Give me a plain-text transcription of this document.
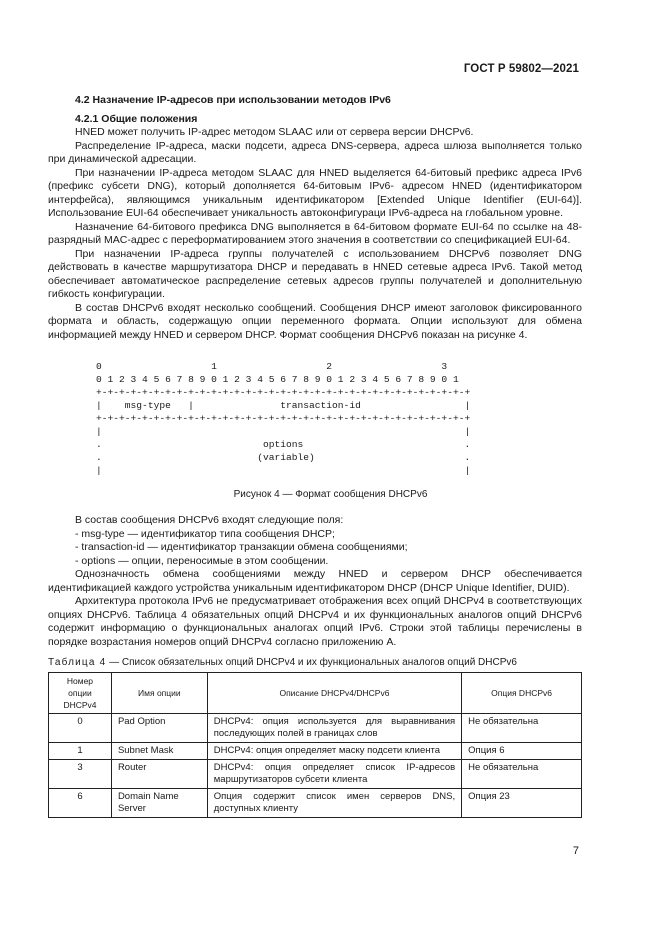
ГОСТ Р 59802—2021
4.2 Назначение IP-адресов при использовании методов IPv6
4.2.1 Общие положения

HNED может получить IP-адрес методом SLAAC или от сервера версии DHCPv6.

Распределение IP-адреса, маски подсети, адреса DNS-сервера, адреса шлюза выполняется только при динамической адресации.

При назначении IP-адреса методом SLAAC для HNED выделяется 64-битовый префикс адреса IPv6 (префикс субсети DNG), который дополняется 64-битовым IPv6- адресом HNED (идентификатором интерфейса), являющимся уникальным идентификатором [Extended Unique Identifier (EUI-64)]. Использование EUI-64 обеспечивает уникальность автоконфигураци IPv6-адреса на глобальном уровне.

Назначение 64-битового префикса DNG выполняется в 64-битовом формате EUI-64 по ссылке на 48-разрядный MAC-адрес с переформатированием этого значения в соответствии со спецификацией EUI-64.

При назначении IP-адреса группы получателей с использованием DHCPv6 позволяет DNG действовать в качестве маршрутизатора DHCP и передавать в HNED сетевые адреса IPv6. Такой метод обеспечивает автоматическое распределение сетевых адресов группы получателей и дополнительную гибкость конфигурации.

В состав DHCPv6 входят несколько сообщений. Сообщения DHCP имеют заголовок фиксированного формата и область, содержащую опции переменного формата. Опции используют для обмена информацией между HNED и сервером DHCP. Формат сообщения DHCPv6 показан на рисунке 4.

0                   1                   2                   3
0 1 2 3 4 5 6 7 8 9 0 1 2 3 4 5 6 7 8 9 0 1 2 3 4 5 6 7 8 9 0 1
+-+-+-+-+-+-+-+-+-+-+-+-+-+-+-+-+-+-+-+-+-+-+-+-+-+-+-+-+-+-+-+-+
|    msg-type   |               transaction-id                  |
+-+-+-+-+-+-+-+-+-+-+-+-+-+-+-+-+-+-+-+-+-+-+-+-+-+-+-+-+-+-+-+-+
|                                                               |
.                            options                            .
.                           (variable)                          .
|                                                               |
Рисунок 4 — Формат сообщения DHCPv6

В состав сообщения DHCPv6 входят следующие поля:

- msg-type — идентификатор типа сообщения DHCP;

- transaction-id — идентификатор транзакции обмена сообщениями;

- options — опции, переносимые в этом сообщении.

Однозначность обмена сообщениями между HNED и сервером DHCP обеспечивается идентификацией каждого устройства уникальным идентификатором DHCP (DHCP Unique Identifier, DUID).

Архитектура протокола IPv6 не предусматривает отображения всех опций DHCPv4 в соответствующих опциях DHCPv6. Таблица 4 обязательных опций DHCPv4 и их функциональных аналогов опций DHCPv6 содержит информацию о функциональных аналогах опций IPv6. Строки этой таблицы перечислены в порядке возрастания номеров опций DHCPv4 согласно приложению А.

Таблица 4 — Список обязательных опций DHCPv4 и их функциональных аналогов опций DHCPv6
Номер опции DHCPv4	Имя опции	Описание DHCPv4/DHCPv6	Опция DHCPv6
0	Pad Option	DHCPv4: опция используется для выравнивания последующих полей в границах слов	Не обязательна
1	Subnet Mask	DHCPv4: опция определяет маску подсети клиента	Опция 6
3	Router	DHCPv4: опция определяет список IP-адресов маршрутизаторов субсети клиента	Не обязательна
6	Domain Name Server	Опция содержит список имен серверов DNS, доступных клиенту	Опция 23
7
